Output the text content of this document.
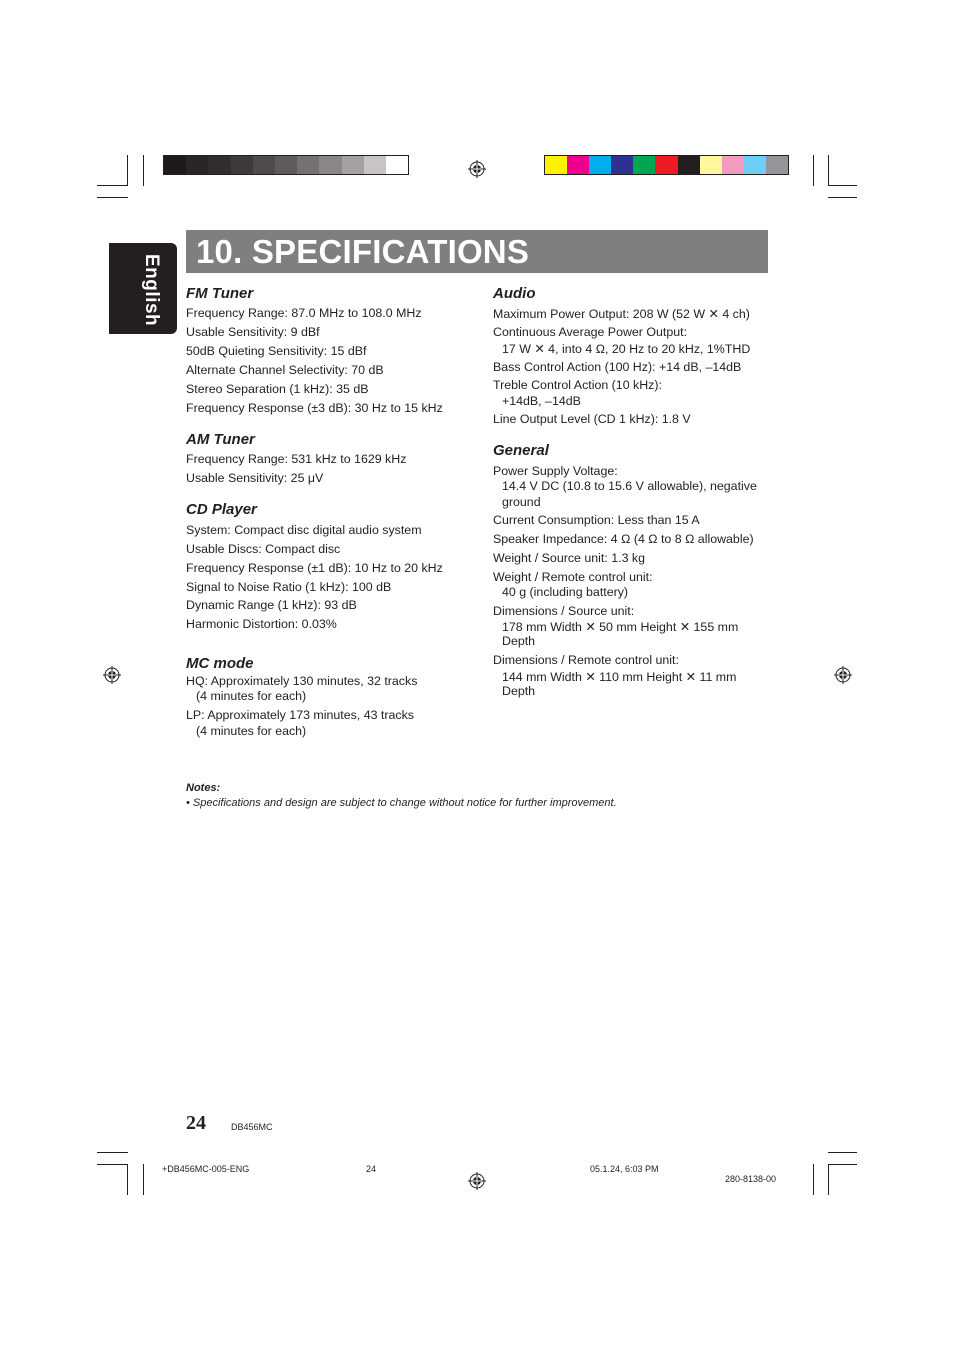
English
10. SPECIFICATIONS
FM Tuner
Frequency Range: 87.0 MHz to 108.0 MHz
Usable Sensitivity: 9 dBf
50dB Quieting Sensitivity: 15 dBf
Alternate Channel Selectivity: 70 dB
Stereo Separation (1 kHz): 35 dB
Frequency Response (±3 dB): 30 Hz to 15 kHz
AM Tuner
Frequency Range: 531 kHz to 1629 kHz
Usable Sensitivity: 25 μV
CD Player
System: Compact disc digital audio system
Usable Discs: Compact disc
Frequency Response (±1 dB): 10 Hz to 20 kHz
Signal to Noise Ratio (1 kHz): 100 dB
Dynamic Range (1 kHz): 93 dB
Harmonic Distortion: 0.03%
MC mode
HQ: Approximately 130 minutes, 32 tracks
(4 minutes for each)
LP: Approximately 173 minutes, 43 tracks
(4 minutes for each)
Audio
Maximum Power Output: 208 W (52 W ✕ 4 ch)
Continuous Average Power Output:
17 W ✕ 4, into 4 Ω, 20 Hz to 20 kHz, 1%THD
Bass Control Action (100 Hz): +14 dB, –14dB
Treble Control Action (10 kHz):
+14dB, –14dB
Line Output Level (CD 1 kHz): 1.8 V
General
Power Supply Voltage:
14.4 V DC (10.8 to 15.6 V allowable), negative
ground
Current Consumption: Less than 15 A
Speaker Impedance: 4 Ω (4 Ω to 8 Ω allowable)
Weight / Source unit: 1.3 kg
Weight / Remote control unit:
40 g (including battery)
Dimensions / Source unit:
178 mm Width ✕ 50 mm Height ✕ 155 mm
Depth
Dimensions / Remote control unit:
144 mm Width ✕ 110 mm Height ✕ 11 mm
Depth
Notes:
• Specifications and design are subject to change without notice for further improvement.
24	DB456MC
+DB456MC-005-ENG	24	05.1.24, 6:03 PM
280-8138-00
